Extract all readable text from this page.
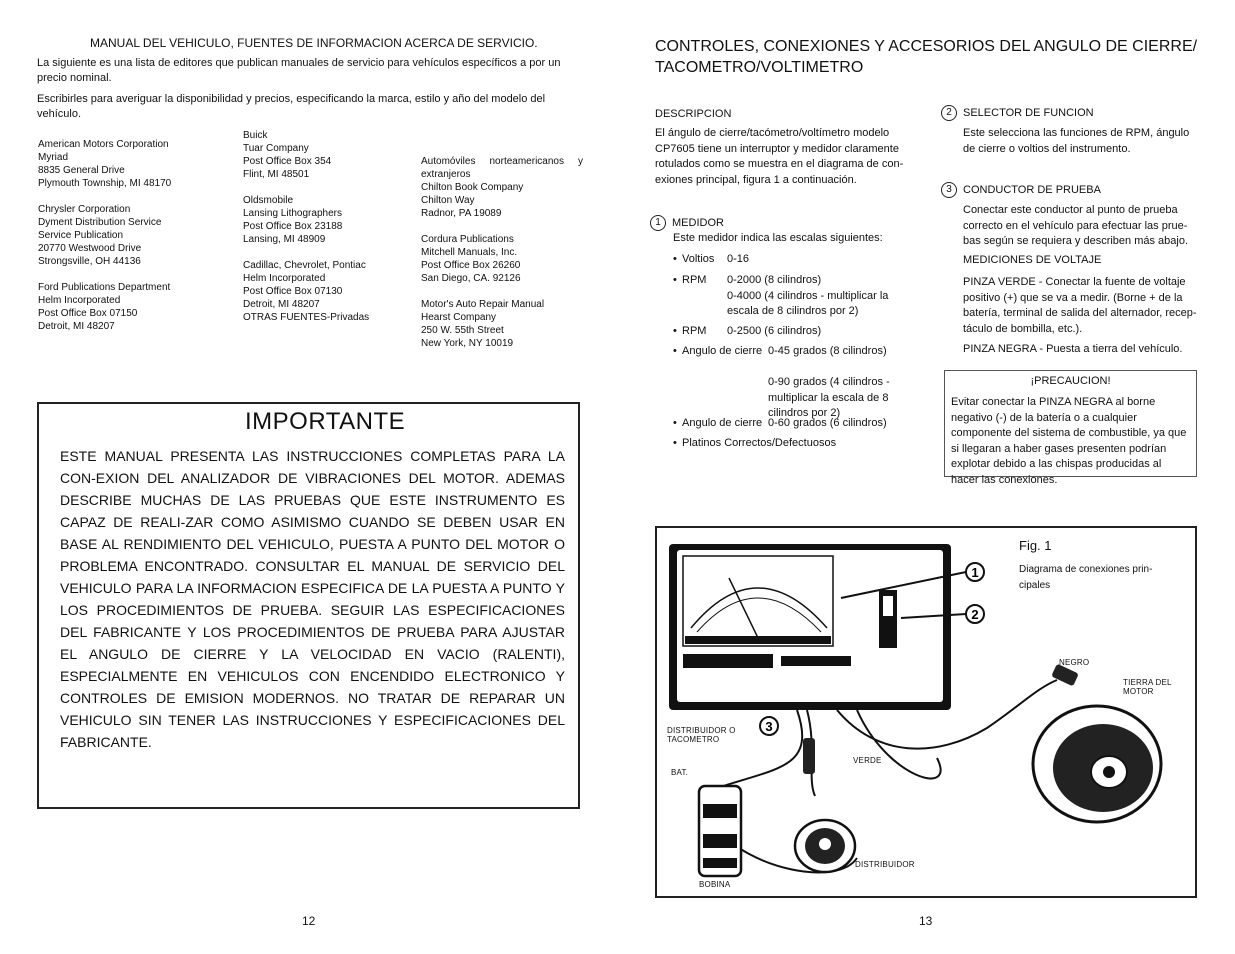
MANUAL DEL VEHICULO, FUENTES DE INFORMACION ACERCA DE SERVICIO.
La siguiente es una lista de editores que publican manuales de servicio para vehículos específicos a por un precio nominal.
Escribirles para averiguar la disponibilidad y precios, especificando la marca, estilo y año del modelo del vehículo.
American Motors Corporation
Myriad
8835 General Drive
Plymouth Township, MI 48170
Chrysler Corporation
Dyment Distribution Service
Service Publication
20770 Westwood Drive
Strongsville, OH 44136
Ford Publications Department
Helm Incorporated
Post Office Box 07150
Detroit, MI 48207
Buick
Tuar Company
Post Office Box 354
Flint, MI 48501
Oldsmobile
Lansing Lithographers
Post Office Box 23188
Lansing, MI 48909
Cadillac, Chevrolet, Pontiac
Helm Incorporated
Post Office Box 07130
Detroit, MI 48207
OTRAS FUENTES-Privadas
Automóviles norteamericanos y extranjeros
Chilton Book Company
Chilton Way
Radnor, PA 19089
Cordura Publications
Mitchell Manuals, Inc.
Post Office Box 26260
San Diego, CA. 92126
Motor's Auto Repair Manual
Hearst Company
250 W. 55th Street
New York, NY 10019
IMPORTANTE
ESTE MANUAL PRESENTA LAS INSTRUCCIONES COMPLETAS PARA LA CON-EXION DEL ANALIZADOR DE VIBRACIONES DEL MOTOR. ADEMAS DESCRIBE MUCHAS DE LAS PRUEBAS QUE ESTE INSTRUMENTO ES CAPAZ DE REALI-ZAR COMO ASIMISMO CUANDO SE DEBEN USAR EN BASE AL RENDIMIENTO DEL VEHICULO, PUESTA A PUNTO DEL MOTOR O PROBLEMA ENCONTRADO. CONSULTAR EL MANUAL DE SERVICIO DEL VEHICULO PARA LA INFORMACION ESPECIFICA DE LA PUESTA A PUNTO Y LOS PROCEDIMIENTOS DE PRUEBA. SEGUIR LAS ESPECIFICACIONES DEL FABRICANTE Y LOS PROCEDIMIENTOS DE PRUEBA PARA AJUSTAR EL ANGULO DE CIERRE Y LA VELOCIDAD EN VACIO (RALENTI), ESPECIALMENTE EN VEHICULOS CON ENCENDIDO ELECTRONICO Y CONTROLES DE EMISION MODERNOS. NO TRATAR DE REPARAR UN VEHICULO SIN TENER LAS INSTRUCCIONES Y ESPECIFICACIONES DEL FABRICANTE.
12
CONTROLES, CONEXIONES Y ACCESORIOS DEL ANGULO DE CIERRE/ TACOMETRO/VOLTIMETRO
DESCRIPCION
El ángulo de cierre/tacómetro/voltímetro modelo CP7605 tiene un interruptor y medidor claramente rotulados como se muestra en el diagrama de con-exiones principal, figura 1 a continuación.
1	MEDIDOR
Este medidor indica las escalas siguientes:
• Voltios	0-16
• RPM	0-2000 (8 cilindros)
0-4000 (4 cilindros - multiplicar la
escala de 8 cilindros por 2)
• RPM	0-2500 (6 cilindros)
• Angulo de cierre 0-45 grados (8 cilindros)

0-90 grados (4 cilindros -
multiplicar la escala de 8
cilindros por 2)
• Angulo de cierre 0-60 grados (6 cilindros)
• Platinos Correctos/Defectuosos
2	SELECTOR DE FUNCION
Este selecciona las funciones de RPM, ángulo de cierre o voltios del instrumento.
3	CONDUCTOR DE PRUEBA
Conectar este conductor al punto de prueba correcto en el vehículo para efectuar las prue-bas según se requiera y describen más abajo.
MEDICIONES DE VOLTAJE
PINZA VERDE - Conectar la fuente de voltaje positivo (+) que se va a medir. (Borne + de la batería, terminal de salida del alternador, recep-táculo de bombilla, etc.).
PINZA NEGRA - Puesta a tierra del vehículo.
¡PRECAUCION!
Evitar conectar la PINZA NEGRA al borne negativo (-) de la batería o a cualquier componente del sistema de combustible, ya que si llegaran a haber gases presenten podrían explotar debido a las chispas producidas al hacer las conexiones.
1
2
3
Fig. 1
Diagrama de conexiones prin-cipales
NEGRO
TIERRA DEL
MOTOR
DISTRIBUIDOR O
TACOMETRO
VERDE
BAT.
DISTRIBUIDOR
BOBINA
13
